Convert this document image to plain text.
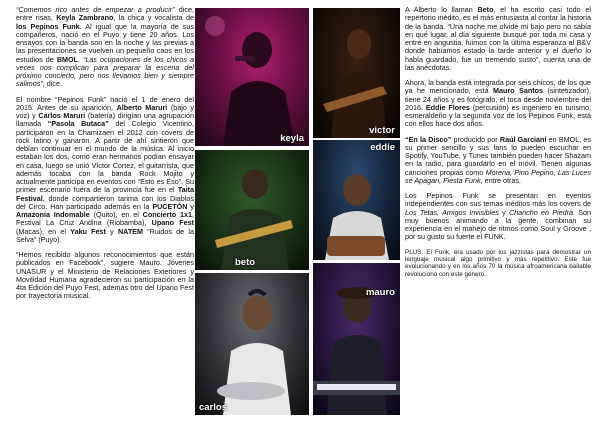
“Comemos rico antes de empezar a producir” dice, entre risas, Keyla Zambrano, la chica y vocalista de los Pepinos Funk. Al igual que la mayoría de sus compañeros, nació en el Puyo y tiene 20 años. Los ensayos con la banda son en la noche y las previas a las presentaciones se vuelven un pequeño caos en los estudios de BMOL. “Las ocupaciones de los chicos a veces nos complican para preparar la escena del próximo concierto, pero nos llevamos bien y siempre salimos”, dice.

El nombre “Pepinos Funk” nació el 1 de enero del 2015. Antes de su aparición, Alberto Maruri (bajo y voz) y Carlos Maruri (batería) dirigían una agrupación llamada “Pasola Butaca” del Colegio Vicentino, participaron en la Chamizaen el 2012 con covers de rock latino y ganaron. A partir de ahí sintieron que debían continuar en el mundo de la música. Al inicio estaban los dos, como eran hermanos podían ensayar en casa, luego se unió Víctor Cortez, el guitarrista, que además tocaba con la banda Rock Mojito y actualmente participa en eventos con “Esto es Eso”. Su primer escenario fuera de la provincia fue en el Taita Festival, donde compartieron tarima con los Diablos del Circo. Han participado además en la PUCETÓN y Amazonía Indomable (Quito), en el Concierto 1x1, Festival La Cruz Andina (Riobamba), Upano Fest (Macas), en el Yaku Fest y NATEM “Ruidos de la Selva” (Puyo).

“Hemos recibido algunos reconocimientos que están publicados en Facebook”, sugiere Mauro. Jóvenes UNASUR y el Ministerio de Relaciones Exteriores y Movilidad Humana agradecieron su participación en la 4ta Edición del Puyo Fest, además otro del Upano Fest por trayectoria musical.

keyla
victor
eddie
beto
mauro
carlos

A Alberto lo llaman Beto, el ha escrito casi todo el repertorio inédito, es el más entusiasta al contar la historia de la banda. “Una noche me olvidé mi bajo pero no sabía en qué lugar, al día siguiente busqué por toda mi casa y entré en angustia, fuimos con la última esperanza al B&V donde habíamos estado la tarde anterior y el dueño lo había guardado, fue un tremendo susto”, cuenta una de las anécdotas.

Ahora, la banda está integrada por seis chicos, de los que ya he mencionado, está Mauro Santos (sintetizador), tiene 24 años y es fotógrafo, el toca desde noviembre del 2016. Eddie Flores (percusión) es ingeniero en turismo, esmeraldeño y la segunda voz de los Pepinos Funk, está con ellos hace dos años.

“En la Disco” producido por Raúl Garciani en BMOL, es su primer sencillo y sus fans lo pueden escuchar en Spotify, YouTube, y Tunes también pueden hacer Shazam en la radio, para guardarlo en el móvil. Tienen algunas canciones propias como Morena, Pino Pepino, Las Luces se Apagan, Fiesta Funk, entre otras.

Los Pepinos Funk se presentan en eventos independientes con sus temas inéditos más los covers de Los Tetas, Amigos Invisibles y Chancho en Piedra. Son muy buenos animando a la gente, combinan su experiencia en el manejo de ritmos como Soul y Groove , por su gusto su fuerte el FUNK.

PLUS: El Funk, era usado por los jazzistas para demostrar un lenguaje musical algo primitivo y más repetitivo. Este fue evolucionando y en los años 70 la música afroamericana bailable revolucionó con este género.
